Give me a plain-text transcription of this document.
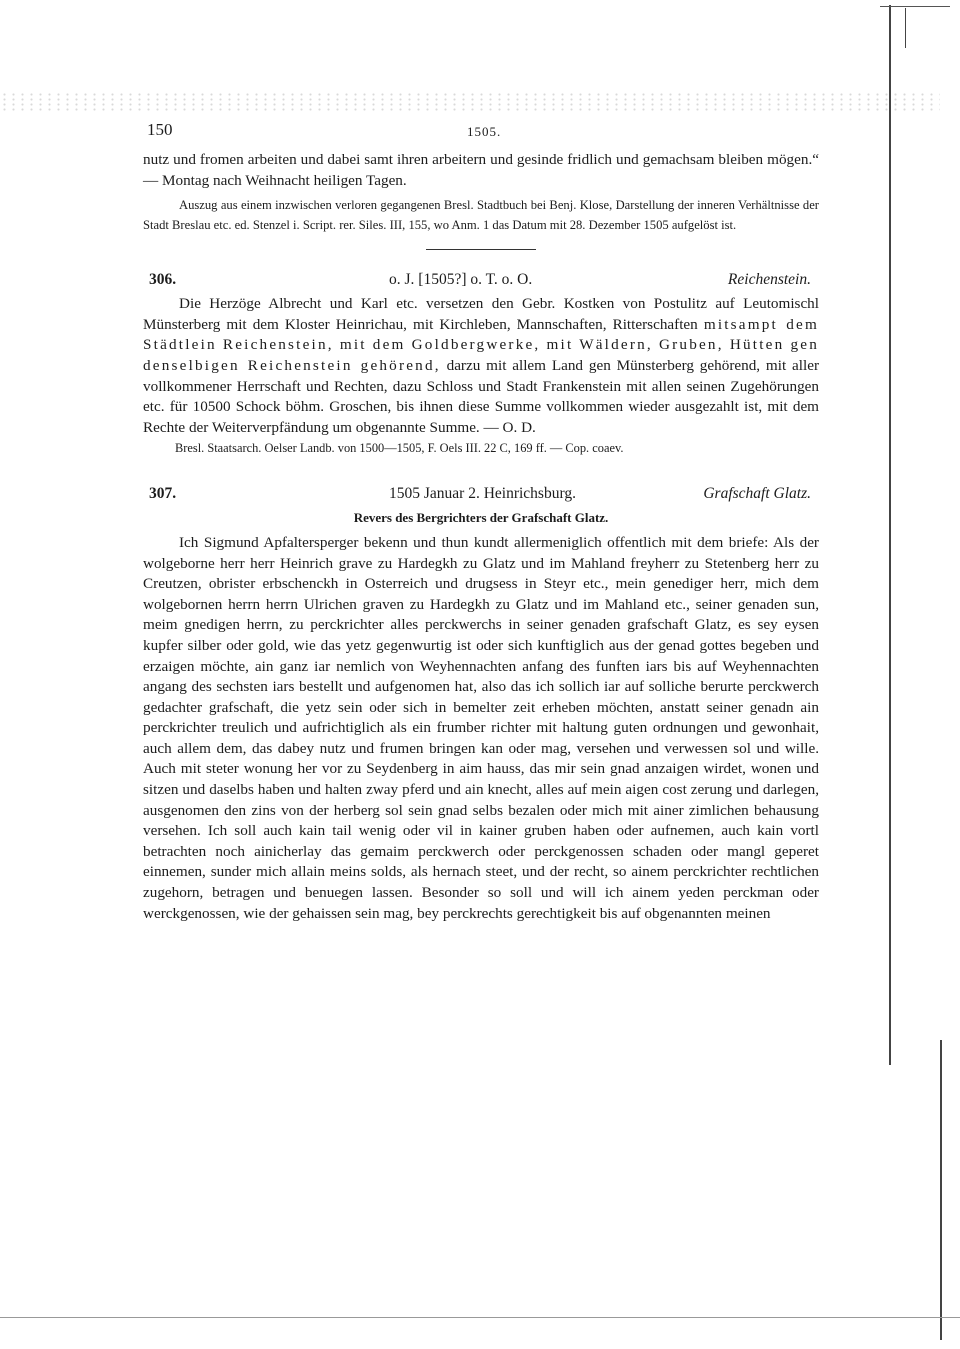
150	1505.

nutz und fromen arbeiten und dabei samt ihren arbeitern und gesinde fridlich und gemachsam bleiben mögen.“ — Montag nach Weihnacht heiligen Tagen.

Auszug aus einem inzwischen verloren gegangenen Bresl. Stadtbuch bei Benj. Klose, Darstellung der inneren Verhältnisse der Stadt Breslau etc. ed. Stenzel i. Script. rer. Siles. III, 155, wo Anm. 1 das Datum mit 28. Dezember 1505 aufgelöst ist.

306.	o. J. [1505?] o. T. o. O.	Reichenstein.

Die Herzöge Albrecht und Karl etc. versetzen den Gebr. Kostken von Postulitz auf Leutomischl Münsterberg mit dem Kloster Heinrichau, mit Kirchleben, Mannschaften, Ritterschaften mitsampt dem Städtlein Reichenstein, mit dem Goldbergwerke, mit Wäldern, Gruben, Hütten gen denselbigen Reichenstein gehörend, darzu mit allem Land gen Münsterberg gehörend, mit aller vollkommener Herrschaft und Rechten, dazu Schloss und Stadt Frankenstein mit allen seinen Zugehörungen etc. für 10500 Schock böhm. Groschen, bis ihnen diese Summe vollkommen wieder ausgezahlt ist, mit dem Rechte der Weiterverpfändung um obgenannte Summe. — O. D.

Bresl. Staatsarch. Oelser Landb. von 1500—1505, F. Oels III. 22 C, 169 ff. — Cop. coaev.

307.	1505 Januar 2. Heinrichsburg.	Grafschaft Glatz.

Revers des Bergrichters der Grafschaft Glatz.

Ich Sigmund Apfaltersperger bekenn und thun kundt allermeniglich offentlich mit dem briefe: Als der wolgeborne herr herr Heinrich grave zu Hardegkh zu Glatz und im Mahland freyherr zu Stetenberg herr zu Creutzen, obrister erbschenckh in Osterreich und drugsess in Steyr etc., mein genediger herr, mich dem wolgebornen herrn herrn Ulrichen graven zu Hardegkh zu Glatz und im Mahland etc., seiner genaden sun, meim gnedigen herrn, zu perckrichter alles perckwerchs in seiner genaden grafschaft Glatz, es sey eysen kupfer silber oder gold, wie das yetz gegenwurtig ist oder sich kunftiglich aus der genad gottes begeben und erzaigen möchte, ain ganz iar nemlich von Weyhennachten anfang des funften iars bis auf Weyhennachten angang des sechsten iars bestellt und aufgenomen hat, also das ich sollich iar auf solliche berurte perckwerch gedachter grafschaft, die yetz sein oder sich in bemelter zeit erheben möchten, anstatt seiner genadn ain perckrichter treulich und aufrichtiglich als ein frumber richter mit haltung guten ordnungen und gewonhait, auch allem dem, das dabey nutz und frumen bringen kan oder mag, versehen und verwessen sol und wille. Auch mit steter wonung her vor zu Seydenberg in aim hauss, das mir sein gnad anzaigen wirdet, wonen und sitzen und daselbs haben und halten zway pferd und ain knecht, alles auf mein aigen cost zerung und darlegen, ausgenomen den zins von der herberg sol sein gnad selbs bezalen oder mich mit ainer zimlichen behausung versehen. Ich soll auch kain tail wenig oder vil in kainer gruben haben oder aufnemen, auch kain vortl betrachten noch ainicherlay das gemaim perckwerch oder perckgenossen schaden oder mangl geperet einnemen, sunder mich allain meins solds, als hernach steet, und der recht, so ainem perckrichter rechtlichen zugehorn, betragen und benuegen lassen. Besonder so soll und will ich ainem yeden perckman oder werckgenossen, wie der gehaissen sein mag, bey perckrechts gerechtigkeit bis auf obgenannten meinen
